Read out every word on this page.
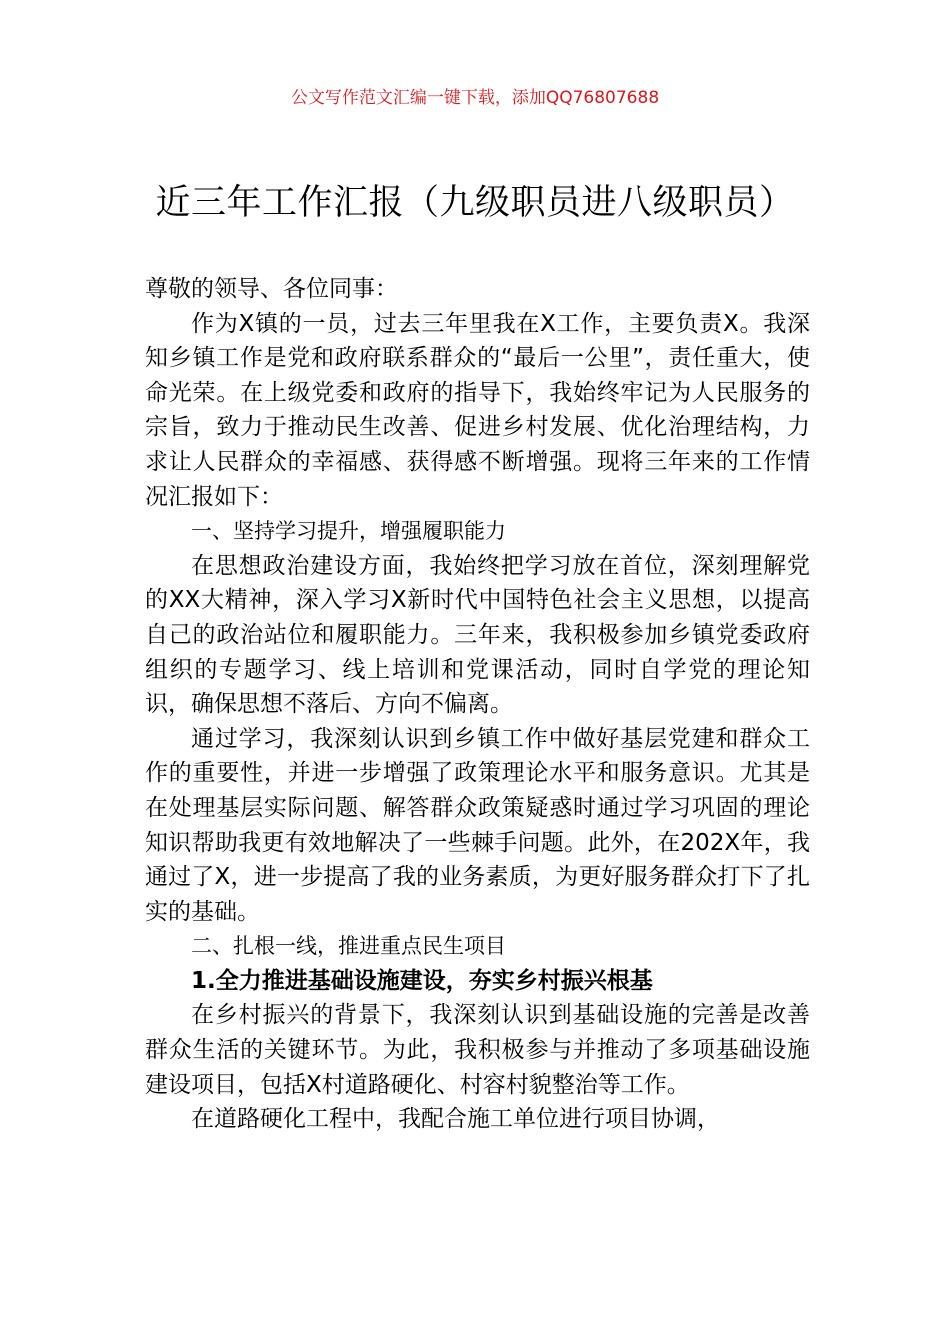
公文写作范文汇编一键下载，添加QQ76807688
近三年工作汇报（九级职员进八级职员）

尊敬的领导、各位同事：

作为X镇的一员，过去三年里我在X工作，主要负责X。我深知乡镇工作是党和政府联系群众的“最后一公里”，责任重大，使命光荣。在上级党委和政府的指导下，我始终牢记为人民服务的宗旨，致力于推动民生改善、促进乡村发展、优化治理结构，力求让人民群众的幸福感、获得感不断增强。现将三年来的工作情况汇报如下：

一、坚持学习提升，增强履职能力

在思想政治建设方面，我始终把学习放在首位，深刻理解党的XX大精神，深入学习X新时代中国特色社会主义思想，以提高自己的政治站位和履职能力。三年来，我积极参加乡镇党委政府组织的专题学习、线上培训和党课活动，同时自学党的理论知识，确保思想不落后、方向不偏离。

通过学习，我深刻认识到乡镇工作中做好基层党建和群众工作的重要性，并进一步增强了政策理论水平和服务意识。尤其是在处理基层实际问题、解答群众政策疑惑时通过学习巩固的理论知识帮助我更有效地解决了一些棘手问题。此外，在202X年，我通过了X，进一步提高了我的业务素质，为更好服务群众打下了扎实的基础。

二、扎根一线，推进重点民生项目

1.全力推进基础设施建设，夯实乡村振兴根基

在乡村振兴的背景下，我深刻认识到基础设施的完善是改善群众生活的关键环节。为此，我积极参与并推动了多项基础设施建设项目，包括X村道路硬化、村容村貌整治等工作。

在道路硬化工程中，我配合施工单位进行项目协调，
